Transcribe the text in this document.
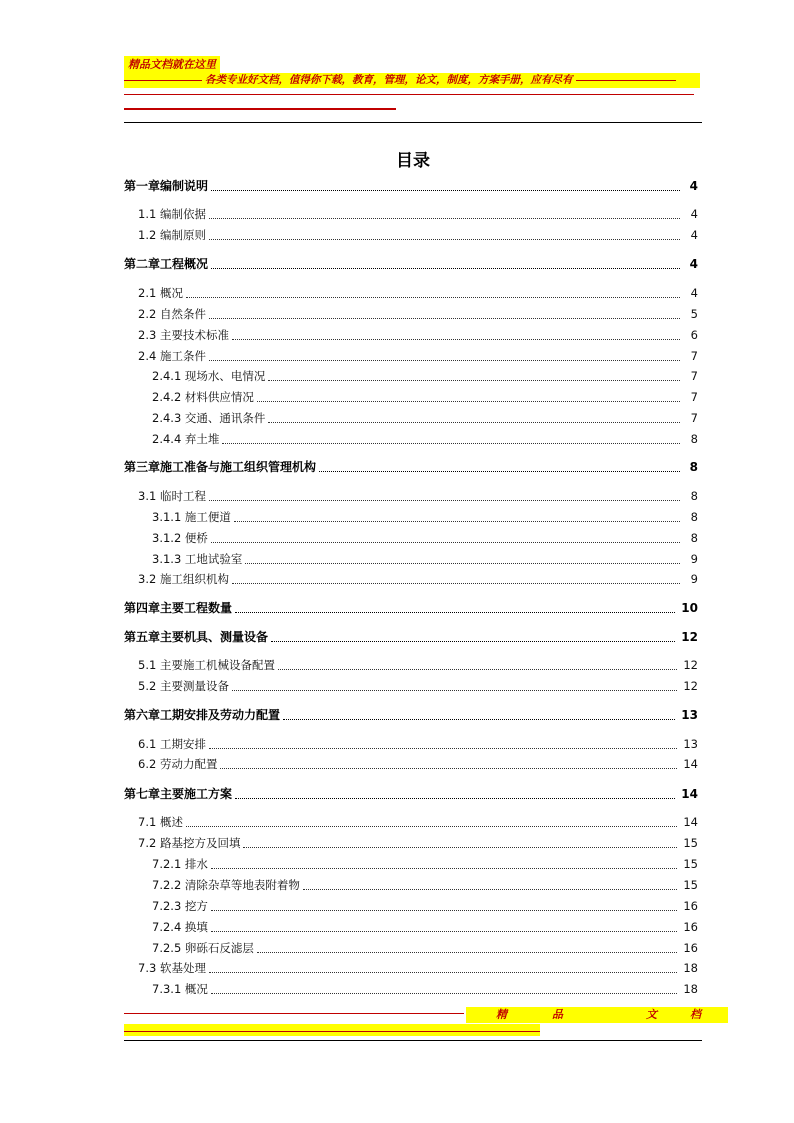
精品文档就在这里
各类专业好文档，值得你下载，教育，管理，论文，制度，方案手册，应有尽有
目录
第一章编制说明	4
1.1 编制依据	4
1.2 编制原则	4
第二章工程概况	4
2.1 概况	4
2.2 自然条件	5
2.3 主要技术标准	6
2.4 施工条件	7
2.4.1 现场水、电情况	7
2.4.2 材料供应情况	7
2.4.3 交通、通讯条件	7
2.4.4 弃土堆	8
第三章施工准备与施工组织管理机构	8
3.1 临时工程	8
3.1.1 施工便道	8
3.1.2 便桥	8
3.1.3 工地试验室	9
3.2 施工组织机构	9
第四章主要工程数量	10
第五章主要机具、测量设备	12
5.1 主要施工机械设备配置	12
5.2 主要测量设备	12
第六章工期安排及劳动力配置	13
6.1 工期安排	13
6.2 劳动力配置	14
第七章主要施工方案	14
7.1 概述	14
7.2 路基挖方及回填	15
7.2.1 排水	15
7.2.2 清除杂草等地表附着物	15
7.2.3 挖方	16
7.2.4 换填	16
7.2.5 卵砾石反滤层	16
7.3 软基处理	18
7.3.1 概况	18
精	品	文	档
